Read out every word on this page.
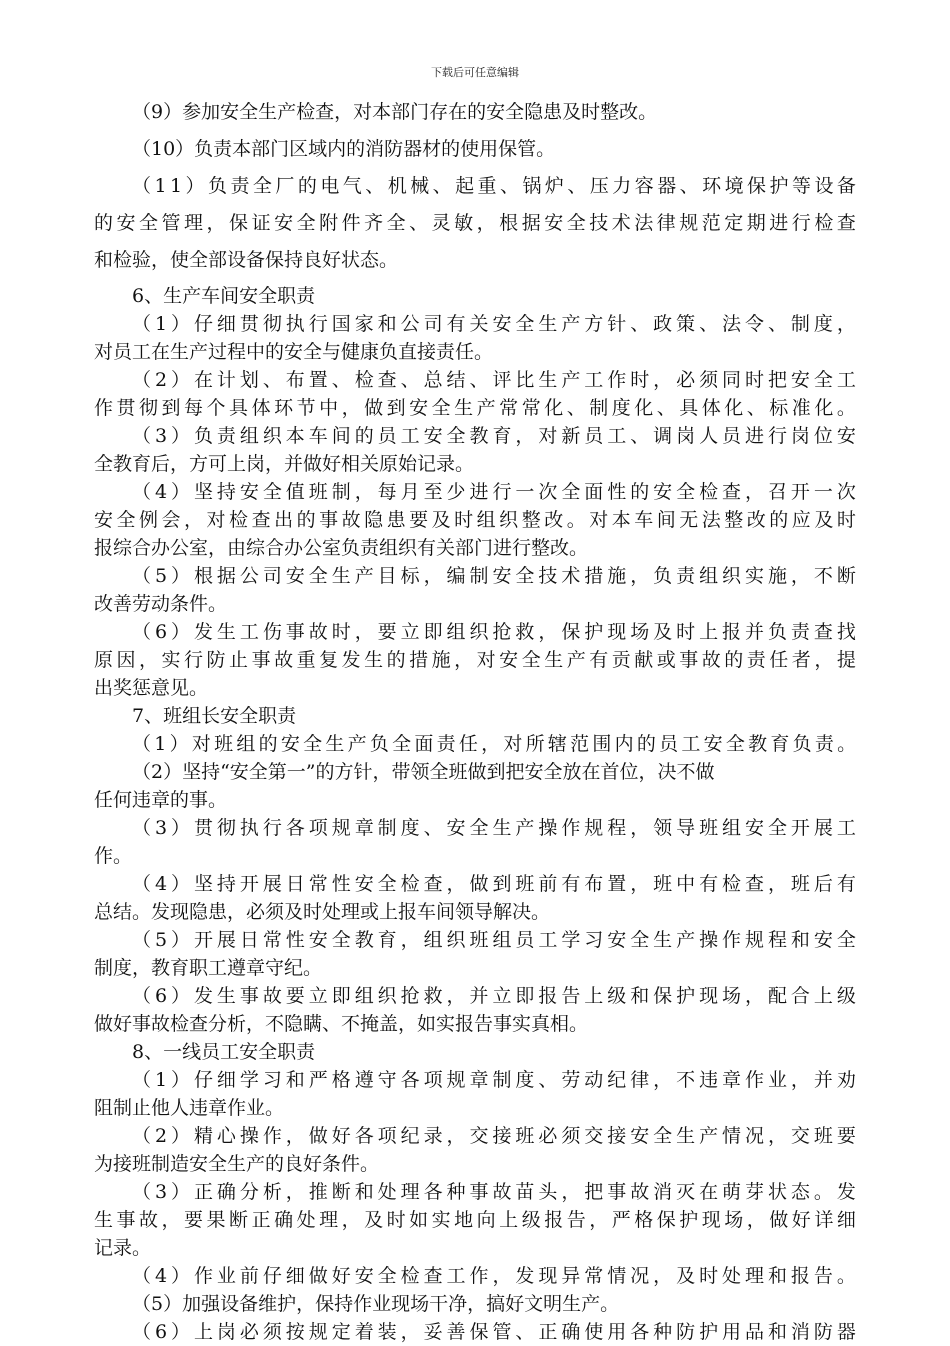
下载后可任意编辑
（9）参加安全生产检查，对本部门存在的安全隐患及时整改。
（10）负责本部门区域内的消防器材的使用保管。
（11）负责全厂的电气、机械、起重、锅炉、压力容器、环境保护等设备
的安全管理，保证安全附件齐全、灵敏，根据安全技术法律规范定期进行检查
和检验，使全部设备保持良好状态。
6、生产车间安全职责
（1）仔细贯彻执行国家和公司有关安全生产方针、政策、法令、制度，
对员工在生产过程中的安全与健康负直接责任。
（2）在计划、布置、检查、总结、评比生产工作时，必须同时把安全工
作贯彻到每个具体环节中，做到安全生产常常化、制度化、具体化、标准化。
（3）负责组织本车间的员工安全教育，对新员工、调岗人员进行岗位安
全教育后，方可上岗，并做好相关原始记录。
（4）坚持安全值班制，每月至少进行一次全面性的安全检查，召开一次
安全例会，对检查出的事故隐患要及时组织整改。对本车间无法整改的应及时
报综合办公室，由综合办公室负责组织有关部门进行整改。
（5）根据公司安全生产目标，编制安全技术措施，负责组织实施，不断
改善劳动条件。
（6）发生工伤事故时，要立即组织抢救，保护现场及时上报并负责查找
原因，实行防止事故重复发生的措施，对安全生产有贡献或事故的责任者，提
出奖惩意见。
7、班组长安全职责
（1）对班组的安全生产负全面责任，对所辖范围内的员工安全教育负责。
（2）坚持“安全第一”的方针，带领全班做到把安全放在首位，决不做
任何违章的事。
（3）贯彻执行各项规章制度、安全生产操作规程，领导班组安全开展工
作。
（4）坚持开展日常性安全检查，做到班前有布置，班中有检查，班后有
总结。发现隐患，必须及时处理或上报车间领导解决。
（5）开展日常性安全教育，组织班组员工学习安全生产操作规程和安全
制度，教育职工遵章守纪。
（6）发生事故要立即组织抢救，并立即报告上级和保护现场，配合上级
做好事故检查分析，不隐瞒、不掩盖，如实报告事实真相。
8、一线员工安全职责
（1）仔细学习和严格遵守各项规章制度、劳动纪律，不违章作业，并劝
阻制止他人违章作业。
（2）精心操作，做好各项纪录，交接班必须交接安全生产情况，交班要
为接班制造安全生产的良好条件。
（3）正确分析，推断和处理各种事故苗头，把事故消灭在萌芽状态。发
生事故，要果断正确处理，及时如实地向上级报告，严格保护现场，做好详细
记录。
（4）作业前仔细做好安全检查工作，发现异常情况，及时处理和报告。
（5）加强设备维护，保持作业现场干净，搞好文明生产。
（6）上岗必须按规定着装，妥善保管、正确使用各种防护用品和消防器
